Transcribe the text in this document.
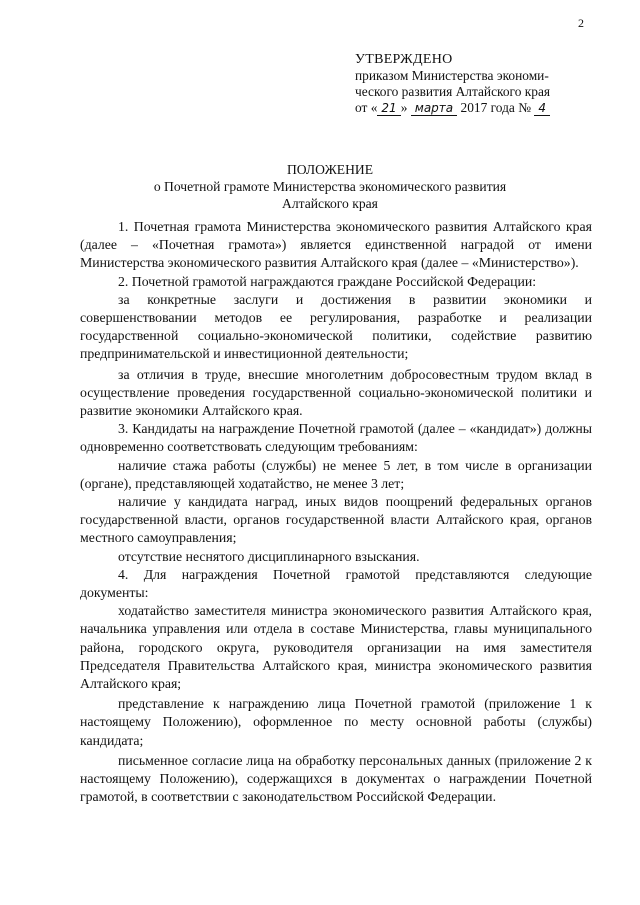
2
УТВЕРЖДЕНО
приказом Министерства экономи-
ческого развития Алтайского края
от « 21 » марта 2017 года № 4
ПОЛОЖЕНИЕ
о Почетной грамоте Министерства экономического развития
Алтайского края

1. Почетная грамота Министерства экономического развития Алтайского края (далее – «Почетная грамота») является единственной наградой от имени Министерства экономического развития Алтайского края (далее – «Министерство»).

2. Почетной грамотой награждаются граждане Российской Федерации:

за конкретные заслуги и достижения в развитии экономики и совершенствовании методов ее регулирования, разработке и реализации государственной социально-экономической политики, содействие развитию предпринимательской и инвестиционной деятельности;

за отличия в труде, внесшие многолетним добросовестным трудом вклад в осуществление проведения государственной социально-экономической политики и развитие экономики Алтайского края.

3. Кандидаты на награждение Почетной грамотой (далее – «кандидат») должны одновременно соответствовать следующим требованиям:

наличие стажа работы (службы) не менее 5 лет, в том числе в организации (органе), представляющей ходатайство, не менее 3 лет;

наличие у кандидата наград, иных видов поощрений федеральных органов государственной власти, органов государственной власти Алтайского края, органов местного самоуправления;

отсутствие неснятого дисциплинарного взыскания.

4. Для награждения Почетной грамотой представляются следующие документы:

ходатайство заместителя министра экономического развития Алтайского края, начальника управления или отдела в составе Министерства, главы муниципального района, городского округа, руководителя организации на имя заместителя Председателя Правительства Алтайского края, министра экономического развития Алтайского края;

представление к награждению лица Почетной грамотой (приложение 1 к настоящему Положению), оформленное по месту основной работы (службы) кандидата;

письменное согласие лица на обработку персональных данных (приложение 2 к настоящему Положению), содержащихся в документах о награждении Почетной грамотой, в соответствии с законодательством Российской Федерации.
